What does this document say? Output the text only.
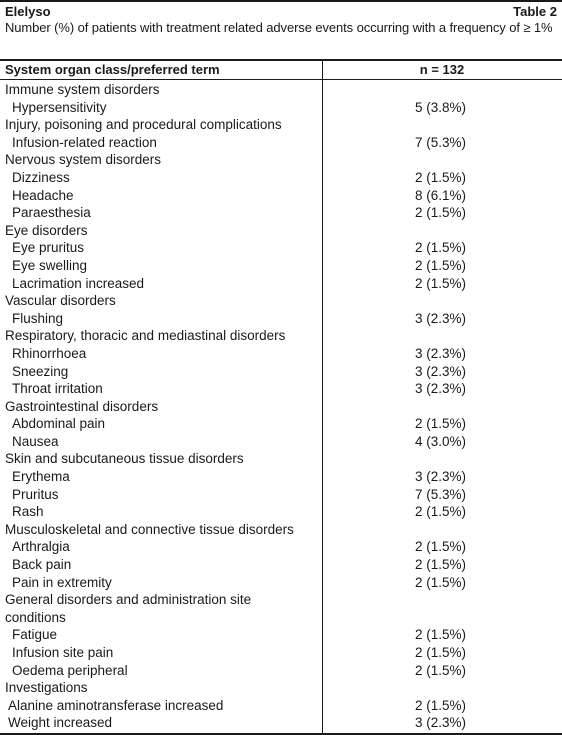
Elelyso	Table 2
Number (%) of patients with treatment related adverse events occurring with a frequency of ≥ 1%
System organ class/preferred term	n = 132
Immune system disorders
Hypersensitivity	5 (3.8%)
Injury, poisoning and procedural complications
Infusion-related reaction	7 (5.3%)
Nervous system disorders
Dizziness	2 (1.5%)
Headache	8 (6.1%)
Paraesthesia	2 (1.5%)
Eye disorders
Eye pruritus	2 (1.5%)
Eye swelling	2 (1.5%)
Lacrimation increased	2 (1.5%)
Vascular disorders
Flushing	3 (2.3%)
Respiratory, thoracic and mediastinal disorders
Rhinorrhoea	3 (2.3%)
Sneezing	3 (2.3%)
Throat irritation	3 (2.3%)
Gastrointestinal disorders
Abdominal pain	2 (1.5%)
Nausea	4 (3.0%)
Skin and subcutaneous tissue disorders
Erythema	3 (2.3%)
Pruritus	7 (5.3%)
Rash	2 (1.5%)
Musculoskeletal and connective tissue disorders
Arthralgia	2 (1.5%)
Back pain	2 (1.5%)
Pain in extremity	2 (1.5%)
General disorders and administration site
conditions
Fatigue	2 (1.5%)
Infusion site pain	2 (1.5%)
Oedema peripheral	2 (1.5%)
Investigations
Alanine aminotransferase increased	2 (1.5%)
Weight increased	3 (2.3%)
